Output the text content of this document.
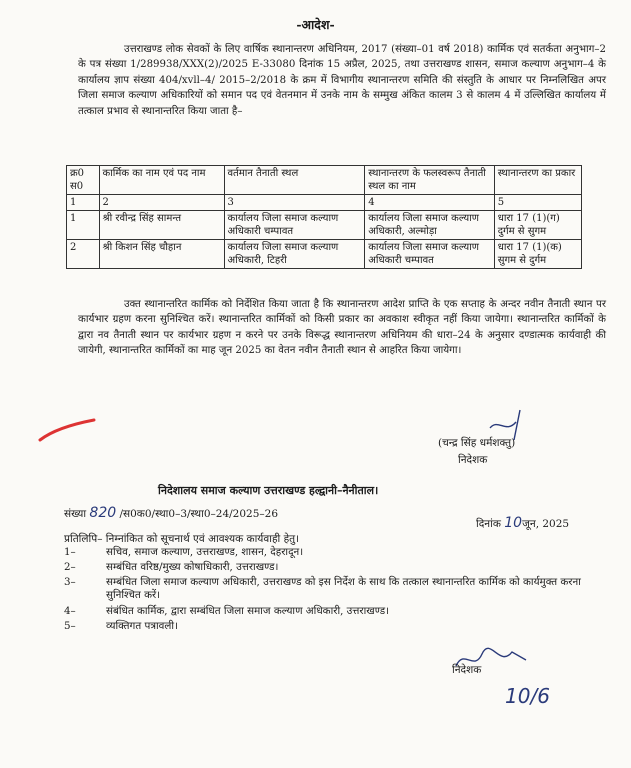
-आदेश-
उत्तराखण्ड लोक सेवकों के लिए वार्षिक स्थानान्तरण अधिनियम, 2017 (संख्या–01 वर्ष 2018) कार्मिक एवं सतर्कता अनुभाग–2 के पत्र संख्या 1/289938/XXX(2)/2025 E-33080 दिनांक 15 अप्रैल, 2025, तथा उत्तराखण्ड शासन, समाज कल्याण अनुभाग–4 के कार्यालय ज्ञाप संख्या 404/xvll–4/ 2015–2/2018 के क्रम में विभागीय स्थानान्तरण समिति की संस्तुति के आधार पर निम्नलिखित अपर जिला समाज कल्याण अधिकारियों को समान पद एवं वेतनमान में उनके नाम के सम्मुख अंकित कालम 3 से कालम 4 में उल्लिखित कार्यालय में तत्काल प्रभाव से स्थानान्तरित किया जाता है–
क्र0 स0	कार्मिक का नाम एवं पद नाम	वर्तमान तैनाती स्थल	स्थानान्तरण के फलस्वरूप तैनाती स्थल का नाम	स्थानान्तरण का प्रकार
1	2	3	4	5
1	श्री रवीन्द्र सिंह सामन्त	कार्यालय जिला समाज कल्याण अधिकारी चम्पावत	कार्यालय जिला समाज कल्याण अधिकारी, अल्मोड़ा	धारा 17 (1)(ग) दुर्गम से सुगम
2	श्री किशन सिंह चौहान	कार्यालय जिला समाज कल्याण अधिकारी, टिहरी	कार्यालय जिला समाज कल्याण अधिकारी चम्पावत	धारा 17 (1)(क) सुगम से दुर्गम
उक्त स्थानान्तरित कार्मिक को निर्देशित किया जाता है कि स्थानान्तरण आदेश प्राप्ति के एक सप्ताह के अन्दर नवीन तैनाती स्थान पर कार्यभार ग्रहण करना सुनिश्चित करें। स्थानान्तरित कार्मिकों को किसी प्रकार का अवकाश स्वीकृत नहीं किया जायेगा। स्थानान्तरित कार्मिकों के द्वारा नव तैनाती स्थान पर कार्यभार ग्रहण न करने पर उनके विरूद्ध स्थानान्तरण अधिनियम की धारा–24 के अनुसार दण्डात्मक कार्यवाही की जायेगी, स्थानान्तरित कार्मिकों का माह जून 2025 का वेतन नवीन तैनाती स्थान से आहरित किया जायेगा।
(चन्द्र सिंह धर्मशक्तु)
निदेशक
निदेशालय समाज कल्याण उत्तराखण्ड हल्द्वानी–नैनीताल।
संख्या 820 /स0क0/स्था0–3/स्था0–24/2025–26
दिनांक 10जून, 2025
प्रतिलिपि– निम्नांकित को सूचनार्थ एवं आवश्यक कार्यवाही हेतु।
1–	सचिव, समाज कल्याण, उत्तराखण्ड, शासन, देहरादून।
2–	सम्बंधित वरिष्ठ/मुख्य कोषाधिकारी, उत्तराखण्ड।
3–	सम्बंधित जिला समाज कल्याण अधिकारी, उत्तराखण्ड को इस निर्देश के साथ कि तत्काल स्थानान्तरित कार्मिक को कार्यमुक्त करना सुनिश्चित करें।
4–	संबंधित कार्मिक, द्वारा सम्बंधित जिला समाज कल्याण अधिकारी, उत्तराखण्ड।
5–	व्यक्तिगत पत्रावली।
निदेशक
10/6
